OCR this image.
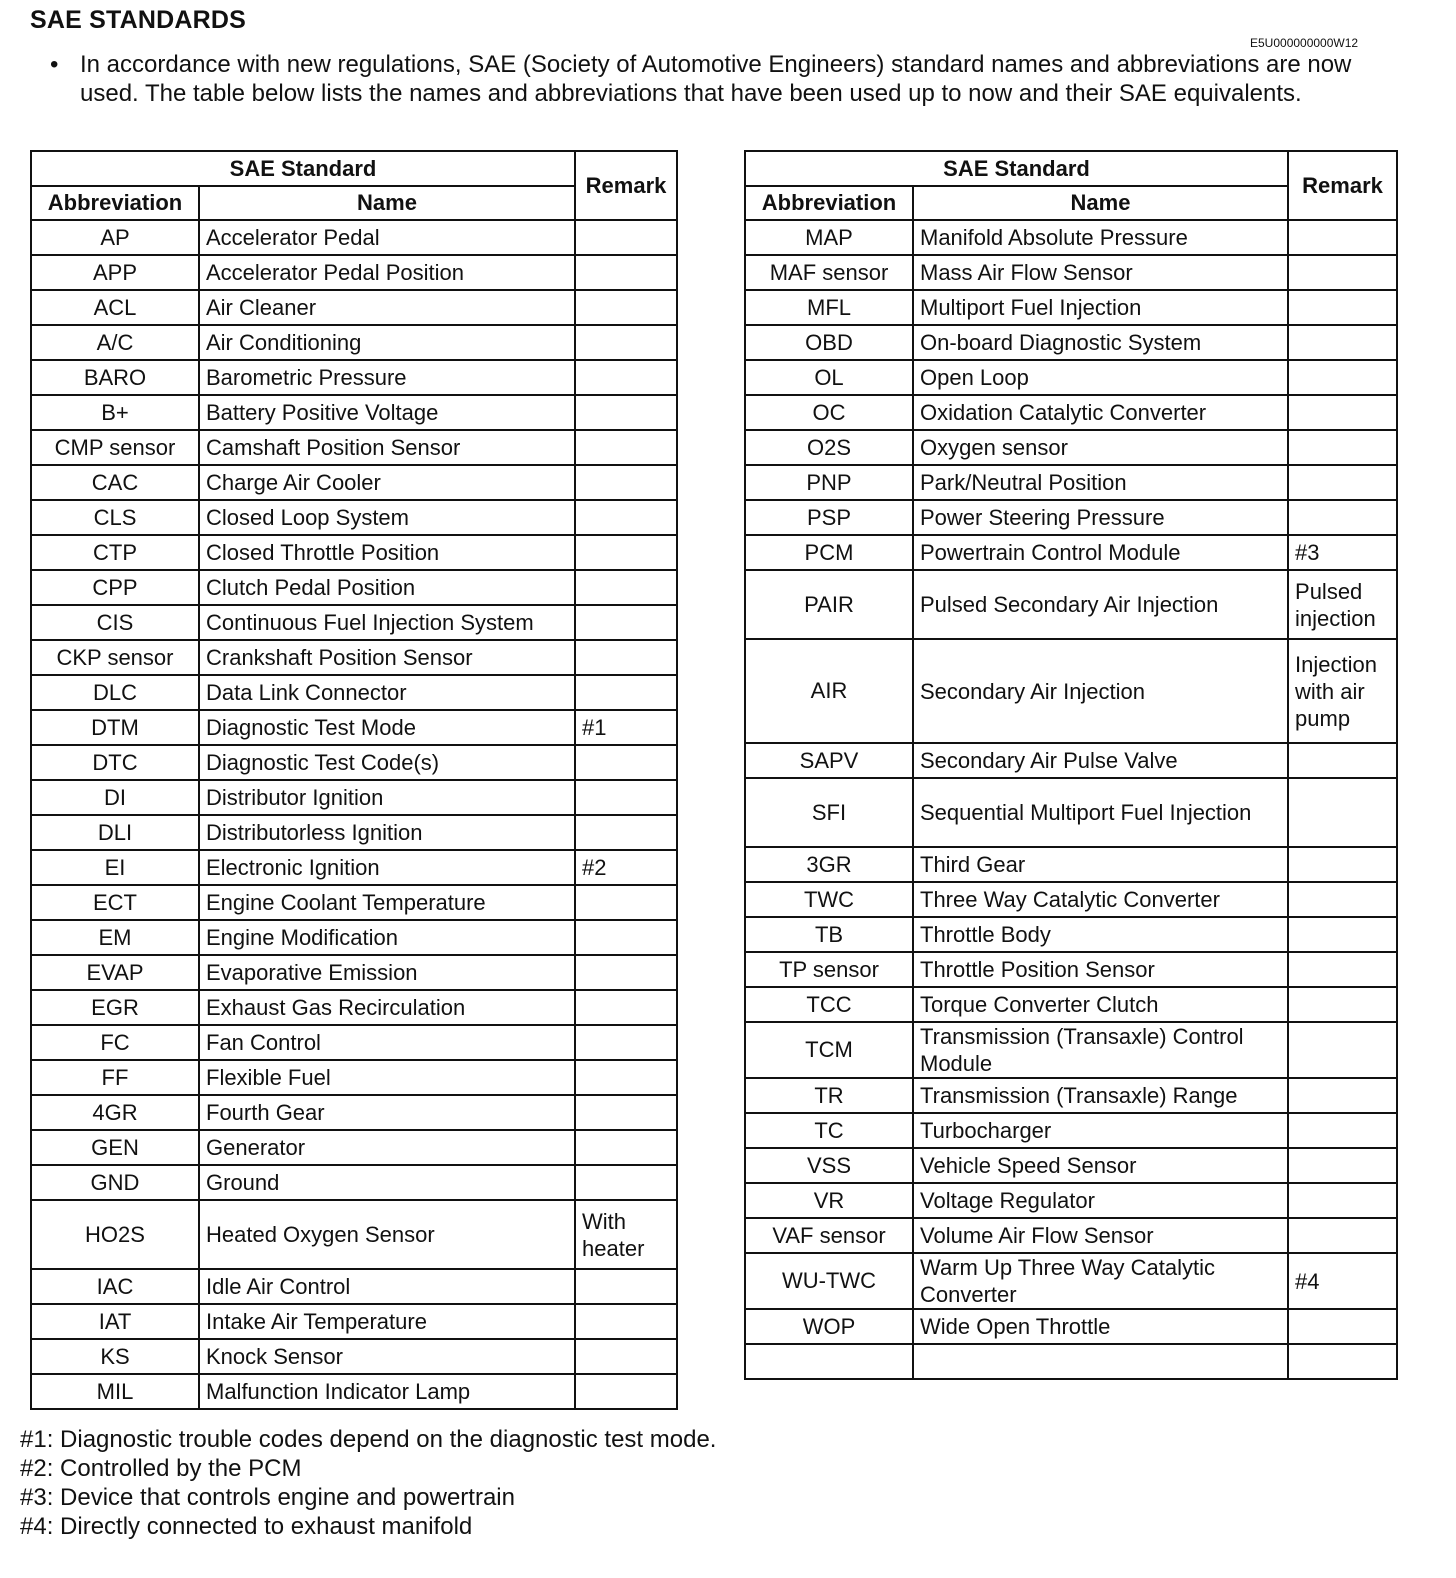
SAE STANDARDS
E5U000000000W12
• In accordance with new regulations, SAE (Society of Automotive Engineers) standard names and abbreviations are now used. The table below lists the names and abbreviations that have been used up to now and their SAE equivalents.
SAE Standard		Remark
Abbreviation	Name	
AP	Accelerator Pedal	
APP	Accelerator Pedal Position	
ACL	Air Cleaner	
A/C	Air Conditioning	
BARO	Barometric Pressure	
B+	Battery Positive Voltage	
CMP sensor	Camshaft Position Sensor	
CAC	Charge Air Cooler	
CLS	Closed Loop System	
CTP	Closed Throttle Position	
CPP	Clutch Pedal Position	
CIS	Continuous Fuel Injection System	
CKP sensor	Crankshaft Position Sensor	
DLC	Data Link Connector	
DTM	Diagnostic Test Mode	#1
DTC	Diagnostic Test Code(s)	
DI	Distributor Ignition	
DLI	Distributorless Ignition	
EI	Electronic Ignition	#2
ECT	Engine Coolant Temperature	
EM	Engine Modification	
EVAP	Evaporative Emission	
EGR	Exhaust Gas Recirculation	
FC	Fan Control	
FF	Flexible Fuel	
4GR	Fourth Gear	
GEN	Generator	
GND	Ground	
HO2S	Heated Oxygen Sensor	With heater
IAC	Idle Air Control	
IAT	Intake Air Temperature	
KS	Knock Sensor	
MIL	Malfunction Indicator Lamp	
SAE Standard		Remark
Abbreviation	Name	
MAP	Manifold Absolute Pressure	
MAF sensor	Mass Air Flow Sensor	
MFL	Multiport Fuel Injection	
OBD	On-board Diagnostic System	
OL	Open Loop	
OC	Oxidation Catalytic Converter	
O2S	Oxygen sensor	
PNP	Park/Neutral Position	
PSP	Power Steering Pressure	
PCM	Powertrain Control Module	#3
PAIR	Pulsed Secondary Air Injection	Pulsed injection
AIR	Secondary Air Injection	Injection with air pump
SAPV	Secondary Air Pulse Valve	
SFI	Sequential Multiport Fuel Injection	
3GR	Third Gear	
TWC	Three Way Catalytic Converter	
TB	Throttle Body	
TP sensor	Throttle Position Sensor	
TCC	Torque Converter Clutch	
TCM	Transmission (Transaxle) Control Module	
TR	Transmission (Transaxle) Range	
TC	Turbocharger	
VSS	Vehicle Speed Sensor	
VR	Voltage Regulator	
VAF sensor	Volume Air Flow Sensor	
WU-TWC	Warm Up Three Way Catalytic Converter	#4
WOP	Wide Open Throttle	

#1: Diagnostic trouble codes depend on the diagnostic test mode.
#2: Controlled by the PCM
#3: Device that controls engine and powertrain
#4: Directly connected to exhaust manifold
